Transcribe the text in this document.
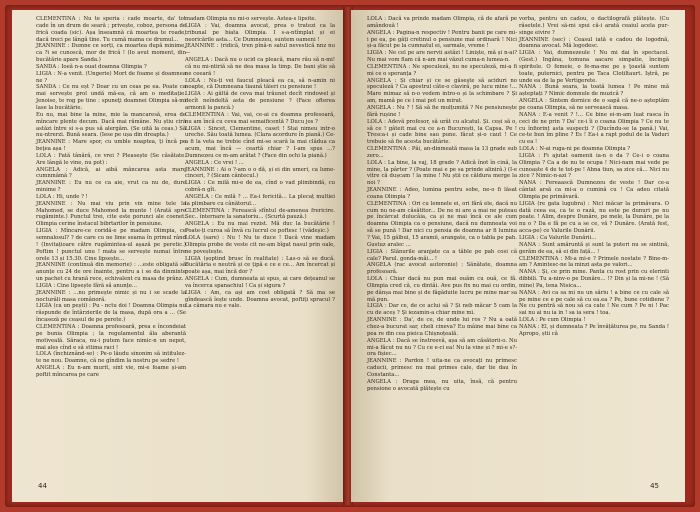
CLEMENTINA : Nu te speria : cade moarte, da' tot cade în un drum de seară ; privește, coboz, persona de frică coada (sic). Așa înseamnă că moartea te roade, dacă treci pe lângă tine. Tu cumă mama ce drumul...

JEANNINE : Dumne ce sorți, ca moartea după minime, ca ?i se cunoscă, mor de frică ! (Io avut moment, din bucătărie apare Sanda.)

SANDA : Ioeă n-a ouat doamna Olimpia ?

LIGIA : N-a venit. (Ungerie) Mort de foame și doamnea ne ?

SANDA : Ce nu eșt ? Doar cu un ceas pe ea. Poate ca mai servește prol undă mă-ea, că am o meditație. Jenoise, te rog pe tine : spuneţi doamnei Olimpia să-mi lase la bucătărie.

Eu nu, mai bine la mine, mie la mancaresă, erea de mîncare plente decum. Dacă mai rămâne. Nu știu ciră astăzi între si s-a pus să alergăm. (Se uită la ceas.) Să nu-ntrerzi. Bună seara. (Iese pe ușa din dreapta.)

JEANNINE : Mare spor, cu umble noaptea, ți încă pe beţea așa !

LOLA : Fată tânără, ce vrei ? Pleasește (Se căsătate. Are lângă le vine, nu pot) :

ANGELA : Adică, ai aibă mâncarea asta mare cumnmâmă ?

JEANNINE : Eu nu ce ca aie, vrut ca nu de, dure minime ?

LOLA : Hi, unde ? !

JEANNINE : Nu mai viu prin vin mine tele la Mahomed, se duce Mahomed la munte ! (Arată spre rugăminte.) Punctul trei, cite este porunci ale coenet. Olimpia cerine înstacul bibrtarilor în pensiune.

LIGIA : Mîncare-ce coridă-e pe madam Olimpia, ce semnalosul? ? de care cu ne lime seama în primul rând ! (Invitațioare către rugămintea-ul așază pe peretic.) Poftim ! punctul unu ! mata se servește numai între orele 13 și 15.30. Cine lipsește...

JEANNINE (continuă din memorie) : ...este obligată să anunțe cu 24 de ore înainte, pentru a i se da dinminte un pachet cu hrană rece, echivalent cu masa de prânz.

LIGIA : Cine lipsește fără să anunțe...

JEANNINE : ...nu primește nimic și nu i se scade la nocturâli masa comânoră.

LIGIA (ca un pești) : Pu - nctu doi ! Doamna Olimpia nu răspunde de întârzierile de la masa, după ora a ... (Se încaseză pe ceasul de pe perete.)

CLEMENTINA : Doamna profesoară, prea e încondeiat pe bunia Olimpia ; la regulamentul ăla aberantă motiveală. Săraca, nu-i putem face nimic-n un nepot, mai ales cînd e să sttima raci !

LOLA (închiznând-se) : Pe-o lăudu sinonim să intitulez-te ne nou. Doamne, că ne gîndim la nostru pe sedre !

ANGELA : Eu n-am murit, sint vie, mi-e foame și-am poftit mîncarea pe care

madam Olimpia nu mi-o servește. Astea-s lipsite.

LIGIA : Vai, doamna avocat, prea o tratezi ca la tribunal pe biata Olimpia. I s-a-ntîmplat și ei neoricările asta... Ce Dumnezeu, suntem oameni !

JEANNINE : (ridică, tren pînă-n satul nevestică nnz nu —

ANGELA : Dacă nu o ucid ca pleacă, mare rău să n-mi! că nu mi-ntiriă să ne dea masa la timp. De bani știe să ne ceeară !

LOLA : Nu-ți vei faucul pleacă ea ca, să n-amin ni noapte, că Dumneana tiaună tăieri cu pensiune !

LIGIA : Ai găltă de ceva mai trăunet decît rindowel și decît neîndeltă asta de pensiune ? (Face ofterea armonii la pancă.)

CLEMENTINA : Vai, vai, ce-ai cu doamna profesoară, nu am încă cu ceva mai semaificentă ? Ducu jos ?

LIGIA : Sincet, Clementine, caset ! Stai nimeu intr-o ureche. Său toată lumea. (Clara acordure în piană.) Ce-a fi la veta ne trebie cînd mi-se scară la mai clădua ca acum, mai încă — ceartă chiar ? I-am spus ...? Dumnezeu ce m-am arătat ? (Face din ochi la piană.)

ANGELA : Ce vrei ! ...

JEANNINE : Ai o ?-am o o dă, și ei din umeri, ca lume-cinceri, ? (Sicam cântecul.)

LIGIA : Ce milă mi-e de ea, cînd o vad plimbindă, cu cobră-n gît.

ANGELA : Ce milă ? ... Ea-i fericită... La plecaț multiei la plimbare cu cânătorul...

CLEMENTINA : Ferească sfîntul de-amenea frericire. Sec.. înternare la sanatoriu... (Scurtă pauză.)

ANGELA : Eu nu mai rezist. Mă duc la bucătărie ! Poate-ți curoa să învâ cu lucrul ce poftesc ! (vădeșic.)

LOLA (sare) : Nu ! Nu te duce ! Dacă vine madam Olimpia probe de veste cit ne-am bîgat nasul prin oale, ne poveștește.

LIGIA (șoptind brusc în realitate) : Las-o să se ducă. Bucătăria e neutră și ce țipă e ce e ce... Am încercat și poate așa, mai încă dor ?

ANGELA : Cum, dumneata ai spus, ai care dețeanul se va încerca spanachiul ! Ca și sigura ?

LIGIA : Am, ca ași am cost obligată ? Să ma se gîndească îește unde. Doamna avocat, poftiți spracul ? La cămara nu e vale.

44

LOLA : Dacă va prinde madam Olimpia, că de afară pe amândouă !

ANGELA : Pagina-n respectiv ! Pentru banii pe care mi-i pe ea, pe gâți cretinul o pensiune mai ordinară ! Nici și-a făcut pe la cumnatul ei, sarmale, vreme !

LIGIA : Ne cel pe are nervii astăzi ! Liniște, mă și n-ai? Nu mai vom flam că n-am mai văzut cuma-n lumea-n.

CLEMENTINA : Ne speculeză, nu ne speculeză, mi-a fi mi ce o speranța ?

ANGELA : Și chiar și ce se găseşte să aciduri no speculeză ? Ca apostrul câte-o claviră, pe lucu mine !... Mare mimaz să n-o vedem intro-o și la schimbare ? Și am, mamă pe ce i mai pot un mirat.

ANGELA : Nu ? ! Să să fie mulțumită ? Ne pensiunește fără rușine !

LOLA : Adevă profesor, să urât cu alcatul. Și. ceși să o, să ce ! gâteit mai cu ce a-n București, la Capsa. Pe ! Tresca-i și cade bine sau pune. făcut și-o caut ! Ce trebuie să fie acesta bucătârie.

CLEMENTINA : Păi, an-dinmeată masa la 13 grade sub zero...

LOLA : La bine, la vaj, 18 grade ? Adică înot în cină, la mine, la pârter ? (Poate mai e pe sa prinde alinirâ.) (I-e vitre că dușcam ! la mine ! Nu știi ce căldura merge la noi ?

JEANNINE : Adeo, lumina pentru sobe, ne-o fi lăsat coana Olimpia ?

CLEMENTINA : Ori cu lemnele ei, ori fără ele, dacă nu cum nu ne-am căsătitor... De ne ni are a mai ne puteau pe încărcat dulucâia, ca și ne mai încă ce ale cum doamna Olimpia ca o pensiune, dacă nu dumneata voi să se pună ! Dar nici cu pensia de doamna ar fi lumina ? Vai, 15 gălbui, 15 aramii, arangate, ca o tabla pe pah. Gustuz aralec ...

LIGIA : Slănurile aranjate ca a tăble pe pah cosi că cale? Parul. gonda-măi... !

ANGELA (rac avocat autoronie) : Sănătate, doamna profesoară.

LOLA : Chiar dacă nu pun mai ouăm cu ouă, ce fă. Olimpia cred că, cu dintâi. Ave pus fix nu mai cu ordin, pe dânșa mai bine și de făgăduite lucru pe mine mar sa mă pun.

LIGIA : Dar ce, de ce aclui să ? Și neb măcar 5 cam la cu de aceș ? Și iezamin-a chiar mine mi.

JEANNINE : Da', de ce, de unde lui ros ? Nu a oată chez-a bucurat sar, cheli cineva? Eu mâine mai bine ca pea re din cea pieica Chișnoțeală.

ANGELA : Dacă se înstreevă, așa să am căsătorii-o. Nu mi-a făcut nu nu ? Cu ce e-ci ea! Nu la vine și ? mi-e s?-ora fișiec...

JEANNINE : Pardon ! uita-ne ca avocați nu primesc caducii, primesc nu mai primes cale, dar tie dau în Constanta...

ANGELA : Draga mea, nu uita, însă, că pentru pensione o avocată plătește cu

vorba, pentru un cadou, o dactilografă plătește. (Cu râsetele.) Vrei să-mi spui că-i arată ceaiul acela pur-singe eivire ?

JEANNINE (sec) : Ceasul iată e cadou de logodnă, doamna avocat. Mă logodesc.

LIGIA : Vai, dumnezeule ! Nu mi dai în spectacol. (Gest.) Ingăna, tomuna aacare simpatie, încingă spiritele. O femeie, o fe-ma-me pe ș ţoastă suntem toate, puternici, pentru pe Taca Clotiltaurt. Iștră, pe unde ea de la pe Vertigerete.

NANA : Bună seara, la toată lumea ! Pe mine mă așteptați ? Nimic domnule de muzică ?

ANGELA : Sintem dornice de o sapă că ne-o așteptăm pe coana Olimpia, să ne servească masa.

NANA : E-a venit ? !... Ce bine ei-m-am luat rasca în ceci de ne prin ? Da' ce-i îi o coana Olimpia ? Ce nu te cu înfiorinț asta suspecți ? (Ducîndu-se la pană.) Vai, ce-te bun îm pline ? Es ! Ea-i a rapt podul de la Vaduri cu ea !

LOLA : N-ai ruga-ni pe doamna Olimpia ?

LIGIA : Fi ajutat oamenii ia-n o da ? Ce-i o coana Olimpia ? Ca a de nu te ocupa ! Nici-nam mai vede pe cunoaște 4 de te tot-pe ! Abna tiun, sa zice că... Nici nu zice ? Nimic-n-azi ?

NANA : Fereaască Dumnezeu de veste ! Dar ce-a cântat arsă ca mi-a o cumină cu ! Ca adeu citată Olimpia pe primăvară.

LIGIA (re gata lugubra) : Nici măcar la primăvara. O dată ceea ea, ca te o rază, nu este pe dunuri pe nu poate. ! Alim, despre Dunăre, pe mele, la Dunăre, pe la nu o ? Da e fă pe cu a se ce, vă ? Dunăre. (Arată fest, acca-pe) ce Valurile Dunării.

LIGIA : Ca Valurile Dunării...

NANA : Sunt amăruntă și sunt la puteri nu se sintină, gerăm de ea, să ei din față... !

CLEMENTINA : Mi-a mi-e ? Primele nostate ? Bine-m-am ? Amintesc-ne la minzi asta pe valori...

NANA : Și, ce prin mine. Panta cu rost prin cu elerinti dibbili. Tu a-ninv-o pe Dunăre... !? Din și la mi-ne ! (Să mine) Pa, tena Nisica...

NANA : Avi ca sa mi nu un săriu ! a bine ce cu cale să pe mine ce e pe cale să cu ea.ea ? Pe, bune cotidiene ? Ne cu pentră să nou să ca cate ! Ne cum ? Pe ni ! Pac sai nu ai nu ia in ! sa ia sera ! toa.

LOLA : Pe cum Olimpia !

NANA : El, și dumneata ? Pe învățăturea pe, nu Sanda ! Apropo, știi că

45
